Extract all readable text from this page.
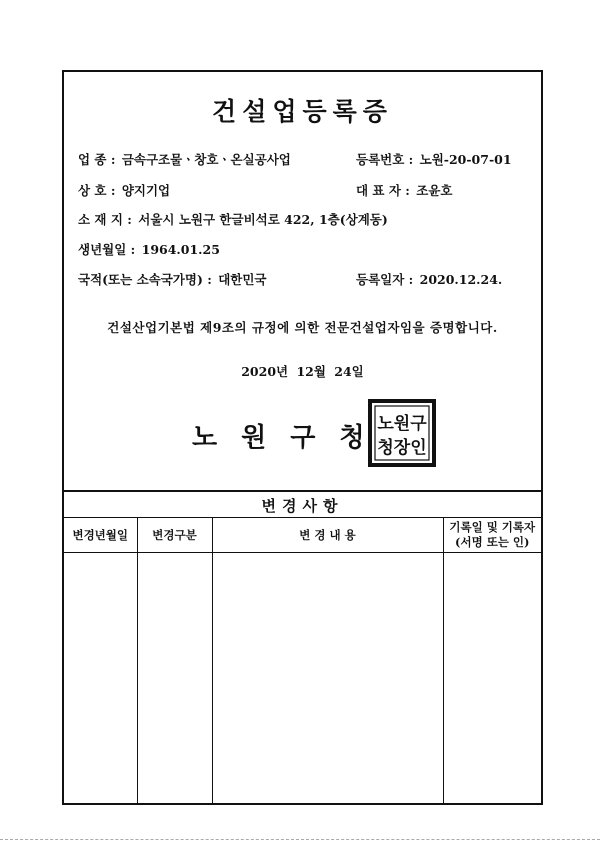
건설업등록증
업 종 : 금속구조물ㆍ창호ㆍ온실공사업	등록번호 : 노원-20-07-01
상 호 : 양지기업	대 표 자 : 조윤호
소 재 지 : 서울시 노원구 한글비석로 422, 1층(상계동)
생년월일 : 1964.01.25
국적(또는 소속국가명) : 대한민국	등록일자 : 2020.12.24.
건설산업기본법 제9조의 규정에 의한 전문건설업자임을 증명합니다.
2020년 12월 24일
노원구청
노원구
청장인
변경사항
변경년월일	변경구분	변 경 내 용	기록일 및 기록자
(서명 또는 인)
